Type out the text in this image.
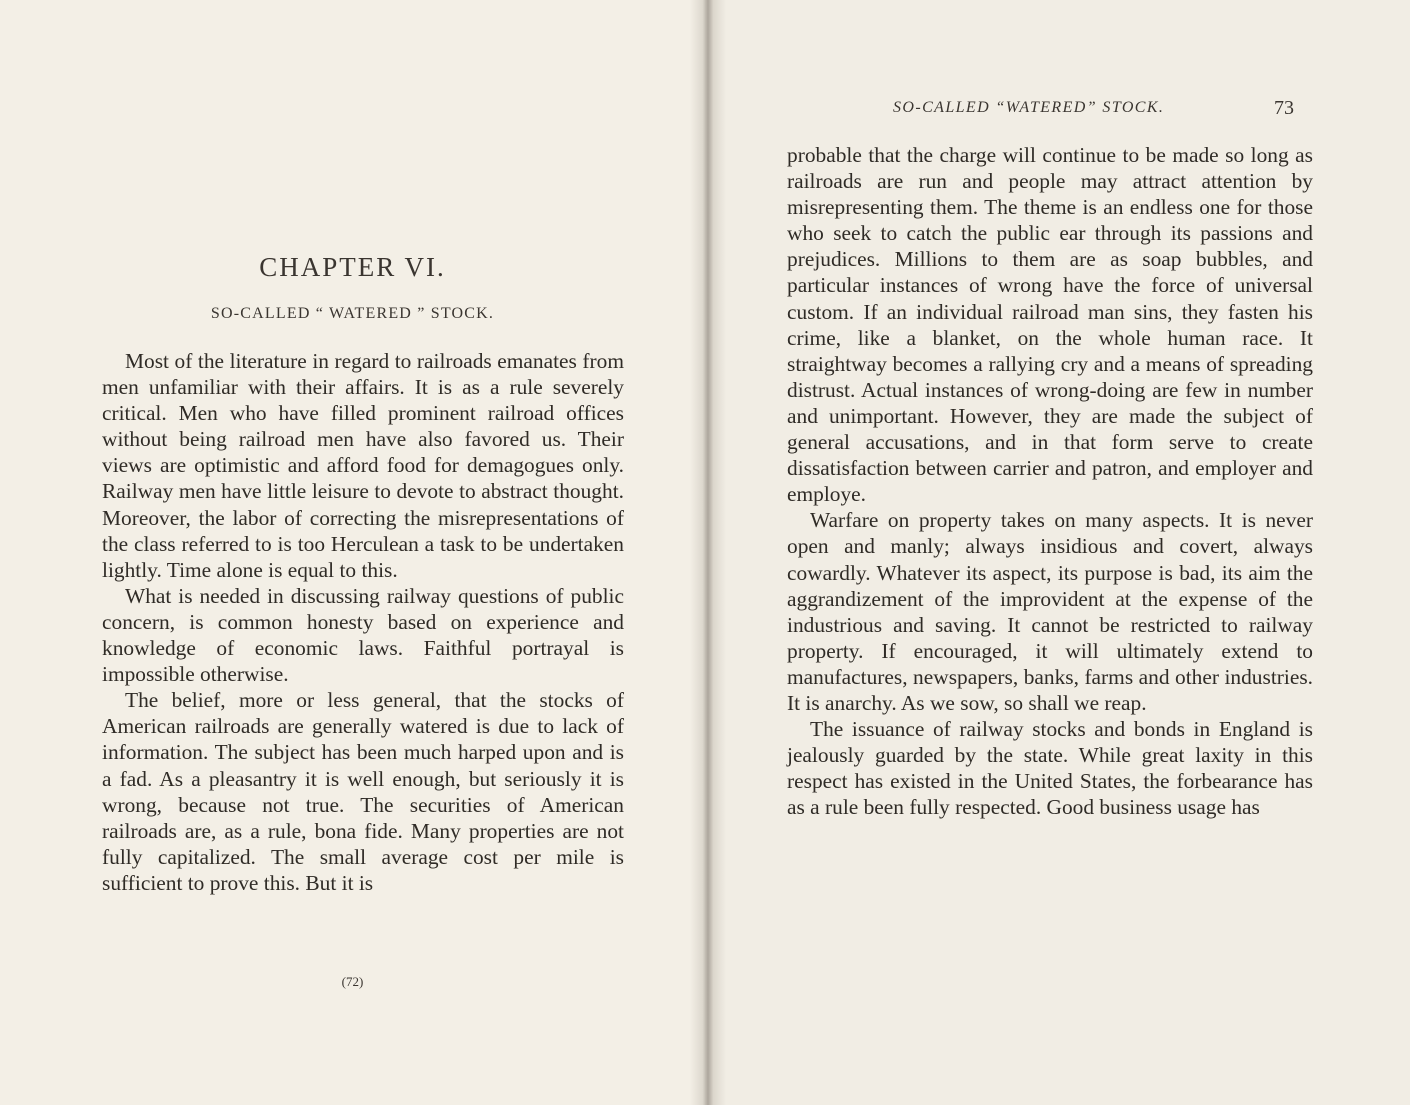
CHAPTER VI.
SO-CALLED “ WATERED ” STOCK.

Most of the literature in regard to railroads emanates from men unfamiliar with their affairs. It is as a rule severely critical. Men who have filled prominent railroad offices without being railroad men have also favored us. Their views are optimistic and afford food for demagogues only. Railway men have little leisure to devote to abstract thought. Moreover, the labor of correcting the misrepresentations of the class referred to is too Herculean a task to be undertaken lightly. Time alone is equal to this.

What is needed in discussing railway questions of public concern, is common honesty based on experience and knowledge of economic laws. Faithful portrayal is impossible otherwise.

The belief, more or less general, that the stocks of American railroads are generally watered is due to lack of information. The subject has been much harped upon and is a fad. As a pleasantry it is well enough, but seriously it is wrong, because not true. The securities of American railroads are, as a rule, bona fide. Many properties are not fully capitalized. The small average cost per mile is sufficient to prove this. But it is

(72)
SO-CALLED “WATERED” STOCK.	73

probable that the charge will continue to be made so long as railroads are run and people may attract attention by misrepresenting them. The theme is an endless one for those who seek to catch the public ear through its passions and prejudices. Millions to them are as soap bubbles, and particular instances of wrong have the force of universal custom. If an individual railroad man sins, they fasten his crime, like a blanket, on the whole human race. It straightway becomes a rallying cry and a means of spreading distrust. Actual instances of wrong-doing are few in number and unimportant. However, they are made the subject of general accusations, and in that form serve to create dissatisfaction between carrier and patron, and employer and employe.

Warfare on property takes on many aspects. It is never open and manly; always insidious and covert, always cowardly. Whatever its aspect, its purpose is bad, its aim the aggrandizement of the improvident at the expense of the industrious and saving. It cannot be restricted to railway property. If encouraged, it will ultimately extend to manufactures, newspapers, banks, farms and other industries. It is anarchy. As we sow, so shall we reap.

The issuance of railway stocks and bonds in England is jealously guarded by the state. While great laxity in this respect has existed in the United States, the forbearance has as a rule been fully respected. Good business usage has
